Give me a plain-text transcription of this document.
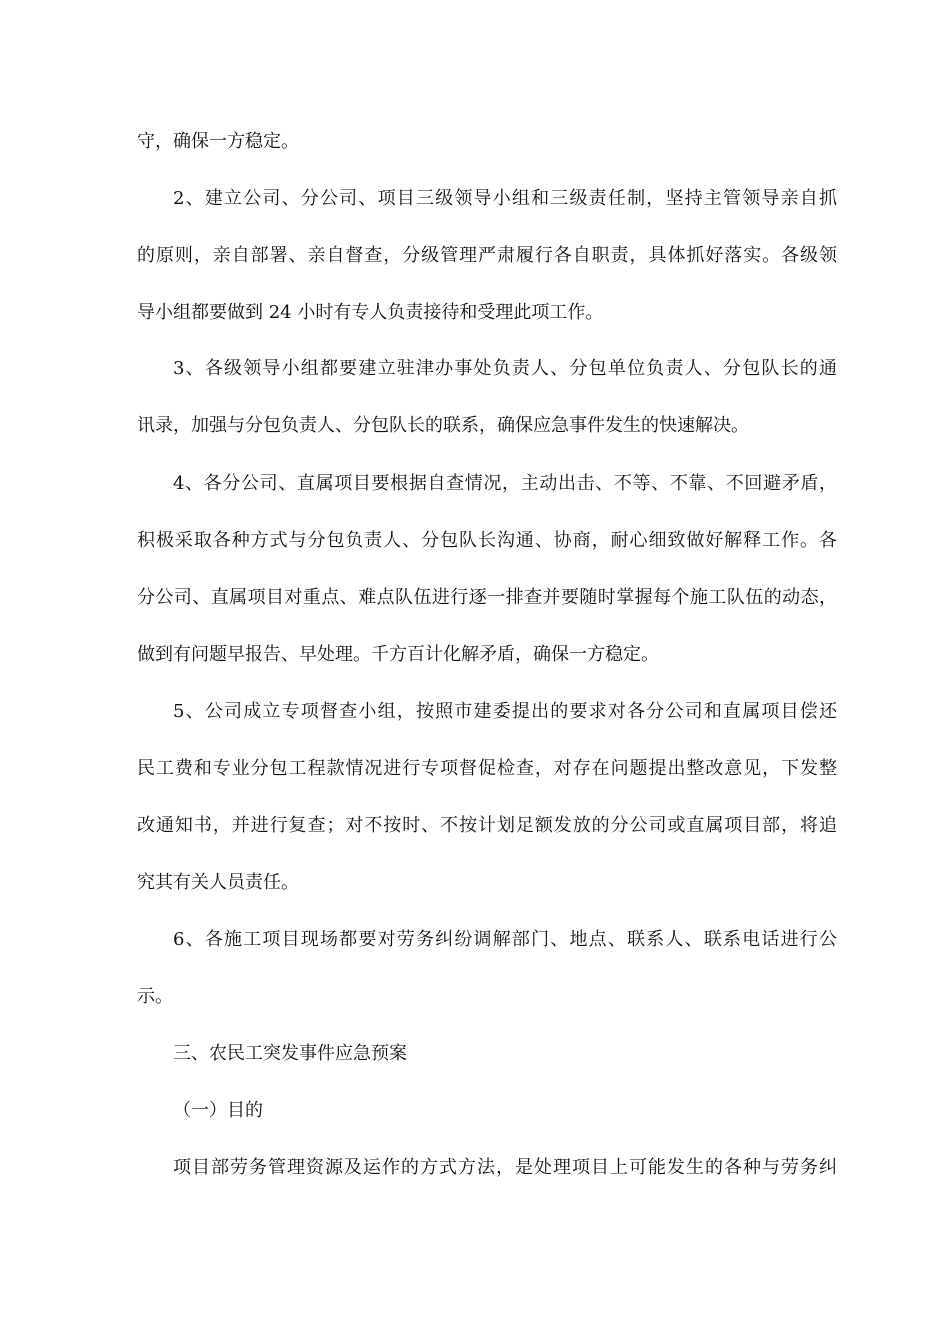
守，确保一方稳定。
2、建立公司、分公司、项目三级领导小组和三级责任制，坚持主管领导亲自抓
的原则，亲自部署、亲自督查，分级管理严肃履行各自职责，具体抓好落实。各级领
导小组都要做到 24 小时有专人负责接待和受理此项工作。
3、各级领导小组都要建立驻津办事处负责人、分包单位负责人、分包队长的通
讯录，加强与分包负责人、分包队长的联系，确保应急事件发生的快速解决。
4、各分公司、直属项目要根据自查情况，主动出击、不等、不靠、不回避矛盾，
积极采取各种方式与分包负责人、分包队长沟通、协商，耐心细致做好解释工作。各
分公司、直属项目对重点、难点队伍进行逐一排查并要随时掌握每个施工队伍的动态，
做到有问题早报告、早处理。千方百计化解矛盾，确保一方稳定。
5、公司成立专项督查小组，按照市建委提出的要求对各分公司和直属项目偿还
民工费和专业分包工程款情况进行专项督促检查，对存在问题提出整改意见，下发整
改通知书，并进行复查；对不按时、不按计划足额发放的分公司或直属项目部，将追
究其有关人员责任。
6、各施工项目现场都要对劳务纠纷调解部门、地点、联系人、联系电话进行公
示。
三、农民工突发事件应急预案
（一）目的
项目部劳务管理资源及运作的方式方法，是处理项目上可能发生的各种与劳务纠
